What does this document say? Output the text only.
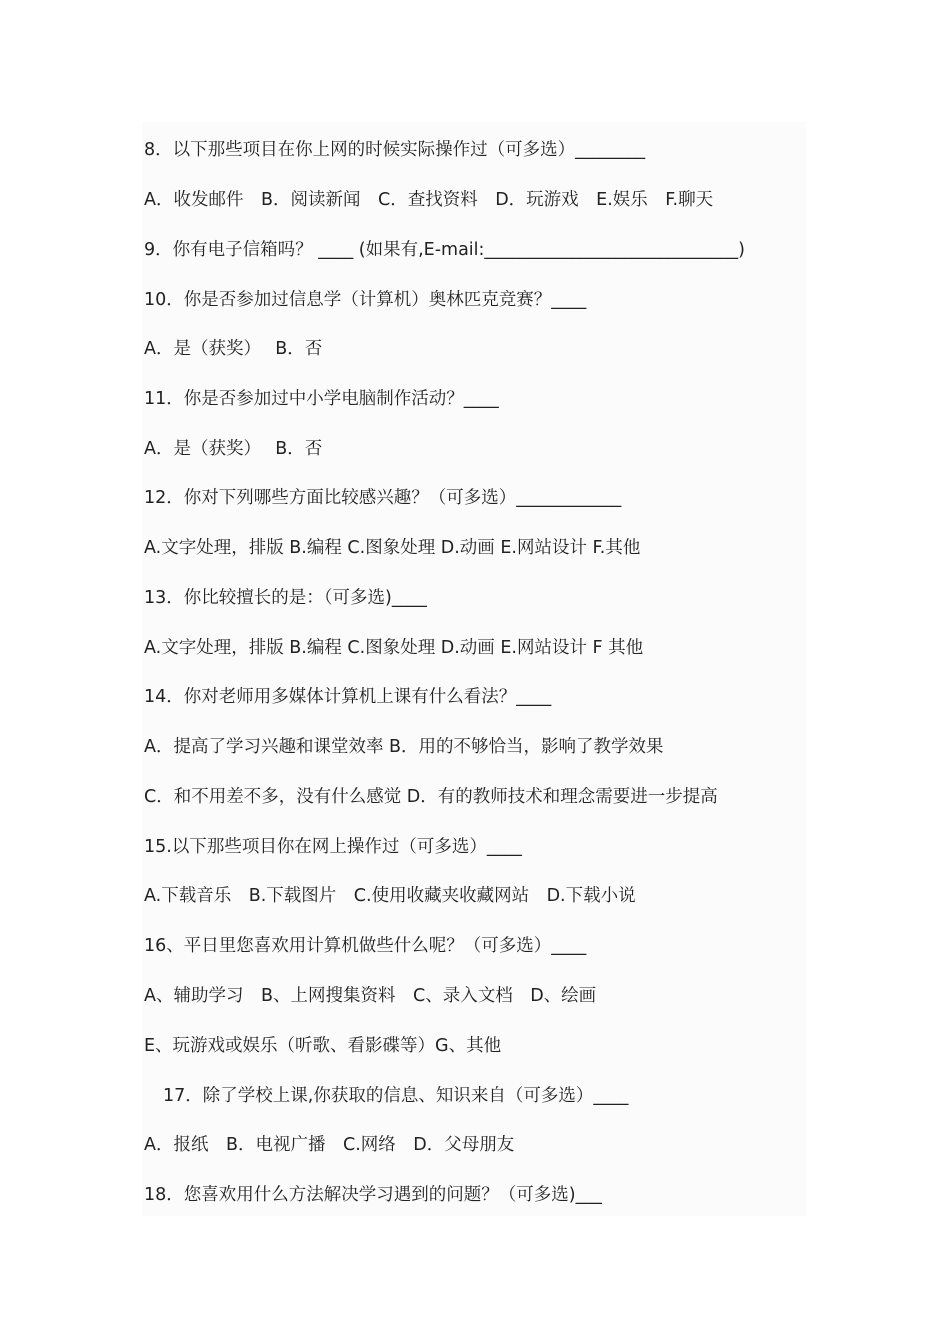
8．以下那些项目在你上网的时候实际操作过（可多选）________
A．收发邮件　B．阅读新闻　C．查找资料　D．玩游戏　E.娱乐　F.聊天
9．你有电子信箱吗？ ____ (如果有,E-mail:_____________________________)
10．你是否参加过信息学（计算机）奥林匹克竞赛？____
A．是（获奖）　 B．否
11．你是否参加过中小学电脑制作活动？____
A．是（获奖）　 B．否
12．你对下列哪些方面比较感兴趣？（可多选）____________
A.文字处理，排版 B.编程 C.图象处理 D.动画 E.网站设计 F.其他
13．你比较擅长的是：（可多选)____
A.文字处理，排版 B.编程 C.图象处理 D.动画 E.网站设计 F 其他
14．你对老师用多媒体计算机上课有什么看法？____
A．提高了学习兴趣和课堂效率 B．用的不够恰当，影响了教学效果
C．和不用差不多，没有什么感觉 D．有的教师技术和理念需要进一步提高
15.以下那些项目你在网上操作过（可多选）____
A.下载音乐　B.下载图片　C.使用收藏夹收藏网站　D.下载小说
16、平日里您喜欢用计算机做些什么呢？（可多选）____
A、辅助学习　B、上网搜集资料　C、录入文档　D、绘画
E、玩游戏或娱乐（听歌、看影碟等）G、其他
17．除了学校上课,你获取的信息、知识来自（可多选）____
A．报纸　B．电视广播　C.网络　D．父母朋友
18．您喜欢用什么方法解决学习遇到的问题？（可多选)___
